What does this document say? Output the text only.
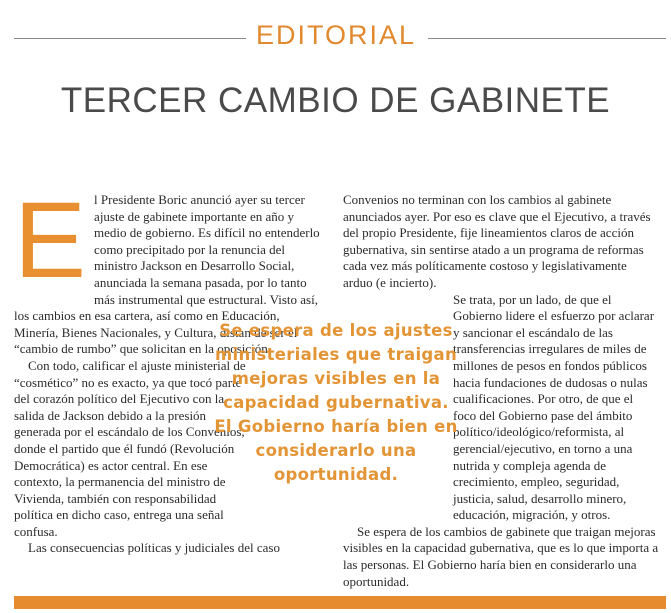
EDITORIAL
TERCER CAMBIO DE GABINETE
E l Presidente Boric anunció ayer su tercer ajuste de gabinete importante en año y medio de gobierno. Es difícil no entenderlo como precipitado por la renuncia del ministro Jackson en Desarrollo Social, anunciada la semana pasada, por lo tanto más instrumental que estructural. Visto así, los cambios en esa cartera, así como en Educación, Minería, Bienes Nacionales, y Cultura, distan de ser el “cambio de rumbo” que solicitan en la oposición.

Con todo, calificar el ajuste ministerial de “cosmético” no es exacto, ya que tocó parte del corazón político del Ejecutivo con la salida de Jackson debido a la presión generada por el escándalo de los Convenios, donde el partido que él fundó (Revolución Democrática) es actor central. En ese contexto, la permanencia del ministro de Vivienda, también con responsabilidad política en dicho caso, entrega una señal confusa.

Las consecuencias políticas y judiciales del caso

Convenios no terminan con los cambios al gabinete anunciados ayer. Por eso es clave que el Ejecutivo, a través del propio Presidente, fije lineamientos claros de acción gubernativa, sin sentirse atado a un programa de reformas cada vez más políticamente costoso y legislativamente arduo (e incierto).

Se trata, por un lado, de que el Gobierno lidere el esfuerzo por aclarar y sancionar el escándalo de las transferencias irregulares de miles de millones de pesos en fondos públicos hacia fundaciones de dudosas o nulas cualificaciones. Por otro, de que el foco del Gobierno pase del ámbito político/ideológico/reformista, al gerencial/ejecutivo, en torno a una nutrida y compleja agenda de crecimiento, empleo, seguridad, justicia, salud, desarrollo minero, educación, migración, y otros.

Se espera de los cambios de gabinete que traigan mejoras visibles en la capacidad gubernativa, que es lo que importa a las personas. El Gobierno haría bien en considerarlo una oportunidad.

Se espera de los ajustes ministeriales que traigan mejoras visibles en la capacidad gubernativa. El Gobierno haría bien en considerarlo una oportunidad.
